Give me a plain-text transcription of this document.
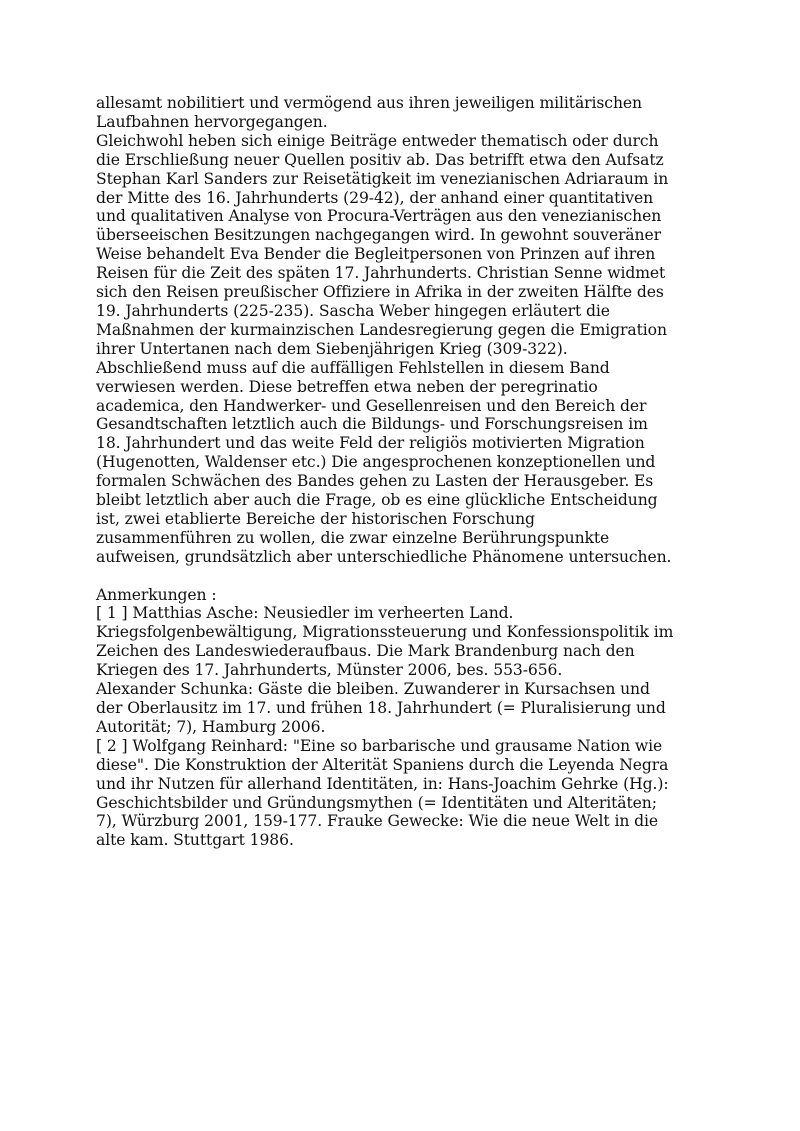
allesamt nobilitiert und vermögend aus ihren jeweiligen militärischen
Laufbahnen hervorgegangen.
Gleichwohl heben sich einige Beiträge entweder thematisch oder durch
die Erschließung neuer Quellen positiv ab. Das betrifft etwa den Aufsatz
Stephan Karl Sanders zur Reisetätigkeit im venezianischen Adriaraum in
der Mitte des 16. Jahrhunderts (29-42), der anhand einer quantitativen
und qualitativen Analyse von Procura-Verträgen aus den venezianischen
überseeischen Besitzungen nachgegangen wird. In gewohnt souveräner
Weise behandelt Eva Bender die Begleitpersonen von Prinzen auf ihren
Reisen für die Zeit des späten 17. Jahrhunderts. Christian Senne widmet
sich den Reisen preußischer Offiziere in Afrika in der zweiten Hälfte des
19. Jahrhunderts (225-235). Sascha Weber hingegen erläutert die
Maßnahmen der kurmainzischen Landesregierung gegen die Emigration
ihrer Untertanen nach dem Siebenjährigen Krieg (309-322).
Abschließend muss auf die auffälligen Fehlstellen in diesem Band
verwiesen werden. Diese betreffen etwa neben der peregrinatio
academica, den Handwerker- und Gesellenreisen und den Bereich der
Gesandtschaften letztlich auch die Bildungs- und Forschungsreisen im
18. Jahrhundert und das weite Feld der religiös motivierten Migration
(Hugenotten, Waldenser etc.) Die angesprochenen konzeptionellen und
formalen Schwächen des Bandes gehen zu Lasten der Herausgeber. Es
bleibt letztlich aber auch die Frage, ob es eine glückliche Entscheidung
ist, zwei etablierte Bereiche der historischen Forschung
zusammenführen zu wollen, die zwar einzelne Berührungspunkte
aufweisen, grundsätzlich aber unterschiedliche Phänomene untersuchen.
Anmerkungen :
[ 1 ] Matthias Asche: Neusiedler im verheerten Land.
Kriegsfolgenbewältigung, Migrationssteuerung und Konfessionspolitik im
Zeichen des Landeswiederaufbaus. Die Mark Brandenburg nach den
Kriegen des 17. Jahrhunderts, Münster 2006, bes. 553-656.
Alexander Schunka: Gäste die bleiben. Zuwanderer in Kursachsen und
der Oberlausitz im 17. und frühen 18. Jahrhundert (= Pluralisierung und
Autorität; 7), Hamburg 2006.
[ 2 ] Wolfgang Reinhard: "Eine so barbarische und grausame Nation wie
diese". Die Konstruktion der Alterität Spaniens durch die Leyenda Negra
und ihr Nutzen für allerhand Identitäten, in: Hans-Joachim Gehrke (Hg.):
Geschichtsbilder und Gründungsmythen (= Identitäten und Alteritäten;
7), Würzburg 2001, 159-177. Frauke Gewecke: Wie die neue Welt in die
alte kam. Stuttgart 1986.
